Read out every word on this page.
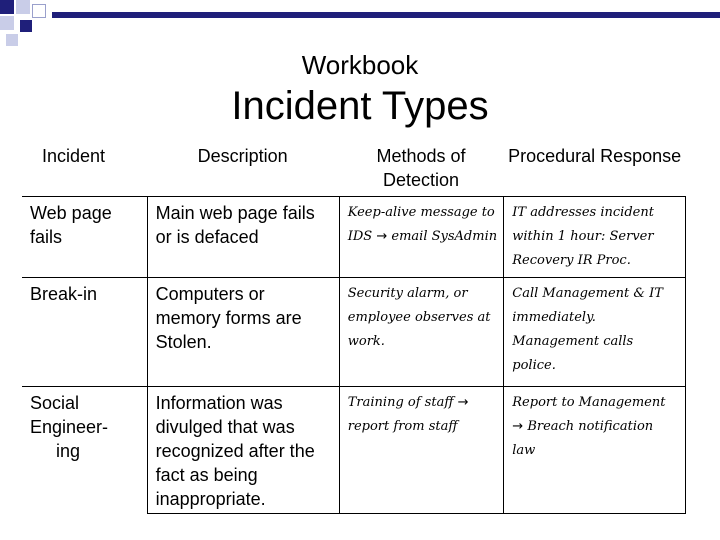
Workbook
Incident Types
Incident	Description	Methods of Detection	Procedural Response
Web page fails	Main web page fails or is defaced	Keep-alive message to IDS → email SysAdmin	IT addresses incident within 1 hour: Server Recovery IR Proc.
Break-in	Computers or memory forms are Stolen.	Security alarm, or employee observes at work.	Call Management & IT immediately. Management calls police.

Social
Engineer-
ing	Information was divulged that was recognized after the fact as being inappropriate.	Training of staff → report from staff	Report to Management → Breach notification law
